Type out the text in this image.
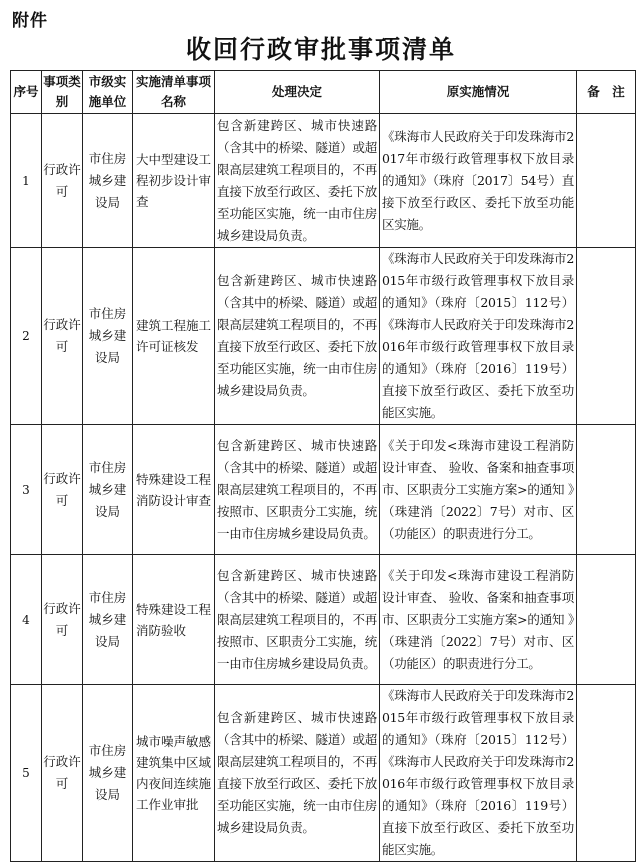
附件
收回行政审批事项清单
序号	事项类别	市级实施单位	实施清单事项名称	处理决定	原实施情况	备　注
1	行政许可	市住房城乡建设局	大中型建设工程初步设计审查	包含新建跨区、城市快速路（含其中的桥梁、隧道）或超限高层建筑工程项目的，不再直接下放至行政区、委托下放至功能区实施，统一由市住房城乡建设局负责。	《珠海市人民政府关于印发珠海市2017年市级行政管理事权下放目录的通知》（珠府〔2017〕54号）直接下放至行政区、委托下放至功能区实施。	
2	行政许可	市住房城乡建设局	建筑工程施工许可证核发	包含新建跨区、城市快速路（含其中的桥梁、隧道）或超限高层建筑工程项目的，不再直接下放至行政区、委托下放至功能区实施，统一由市住房城乡建设局负责。	《珠海市人民政府关于印发珠海市2015年市级行政管理事权下放目录的通知》（珠府〔2015〕112号）《珠海市人民政府关于印发珠海市2016年市级行政管理事权下放目录的通知》（珠府〔2016〕119号）直接下放至行政区、委托下放至功能区实施。	
3	行政许可	市住房城乡建设局	特殊建设工程消防设计审查	包含新建跨区、城市快速路（含其中的桥梁、隧道）或超限高层建筑工程项目的，不再按照市、区职责分工实施，统一由市住房城乡建设局负责。	《关于印发<珠海市建设工程消防设计审查、 验收、备案和抽查事项市、区职责分工实施方案>的通知 》（珠建消〔2022〕7号）对市、区（功能区）的职责进行分工。	
4	行政许可	市住房城乡建设局	特殊建设工程消防验收	包含新建跨区、城市快速路（含其中的桥梁、隧道）或超限高层建筑工程项目的，不再按照市、区职责分工实施，统一由市住房城乡建设局负责。	《关于印发<珠海市建设工程消防设计审查、 验收、备案和抽查事项市、区职责分工实施方案>的通知 》（珠建消〔2022〕7号）对市、区（功能区）的职责进行分工。	
5	行政许可	市住房城乡建设局	城市噪声敏感建筑集中区域内夜间连续施工作业审批	包含新建跨区、城市快速路（含其中的桥梁、隧道）或超限高层建筑工程项目的，不再直接下放至行政区、委托下放至功能区实施，统一由市住房城乡建设局负责。	《珠海市人民政府关于印发珠海市2015年市级行政管理事权下放目录的通知》（珠府〔2015〕112号）《珠海市人民政府关于印发珠海市2016年市级行政管理事权下放目录的通知》（珠府〔2016〕119号）直接下放至行政区、委托下放至功能区实施。	
